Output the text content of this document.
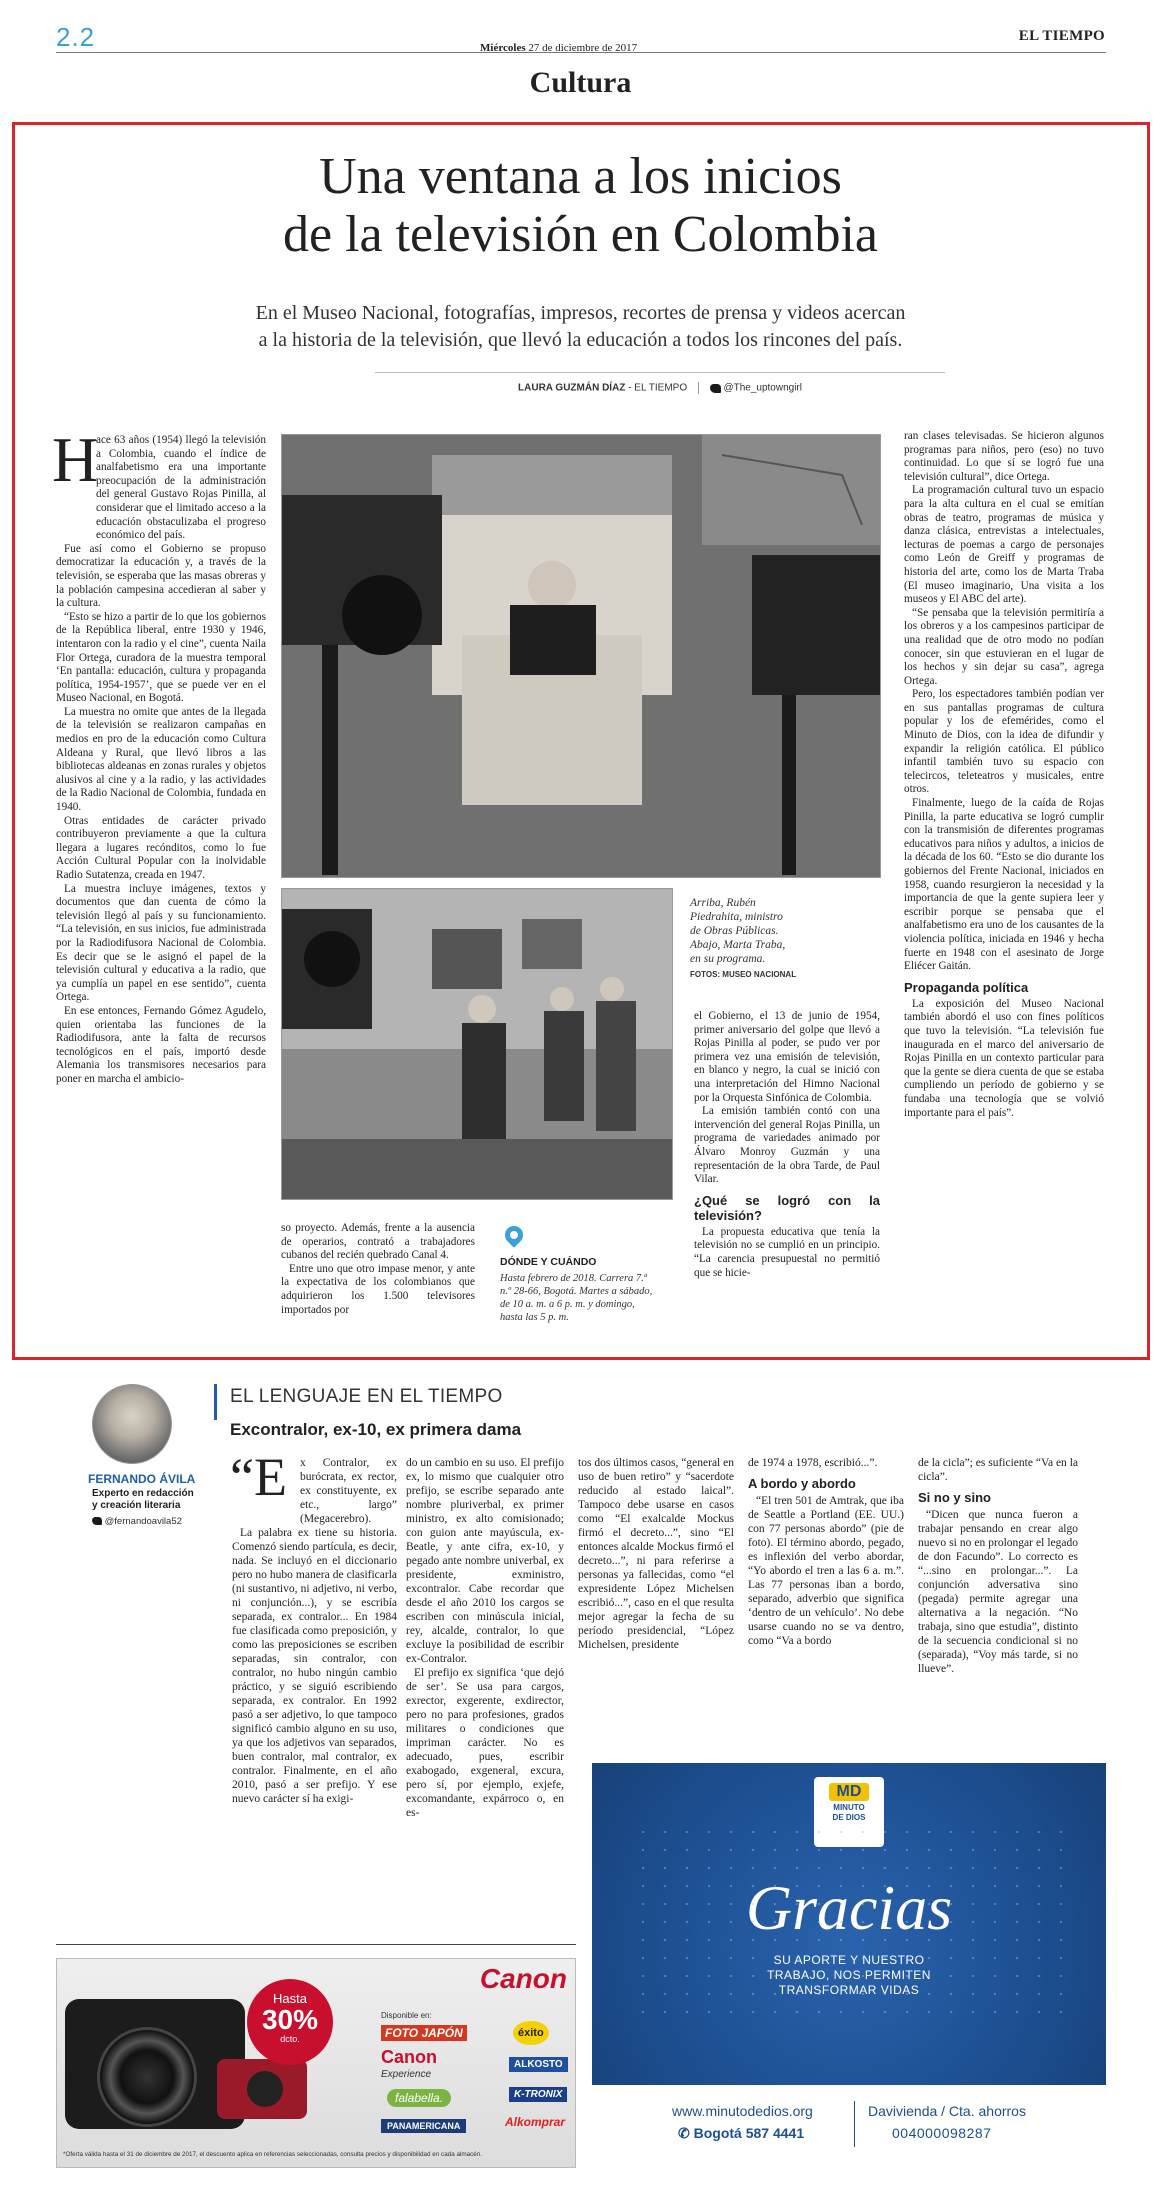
2.2	Miércoles 27 de diciembre de 2017
EL TIEMPO
Cultura
Una ventana a los inicios
de la televisión en Colombia
En el Museo Nacional, fotografías, impresos, recortes de prensa y videos acercan
a la historia de la televisión, que llevó la educación a todos los rincones del país.
LAURA GUZMÁN DÍAZ - EL TIEMPO	@The_uptowngirl
H

ace 63 años (1954) llegó la televisión a Colombia, cuando el índice de analfabetismo era una importante preocupación de la administración del general Gustavo Rojas Pinilla, al considerar que el limitado acceso a la educación obstaculizaba el progreso económico del país.

Fue así como el Gobierno se propuso democratizar la educación y, a través de la televisión, se esperaba que las masas obreras y la población campesina accedieran al saber y la cultura.

“Esto se hizo a partir de lo que los gobiernos de la República liberal, entre 1930 y 1946, intentaron con la radio y el cine”, cuenta Naila Flor Ortega, curadora de la muestra temporal ‘En pantalla: educación, cultura y propaganda política, 1954-1957’, que se puede ver en el Museo Nacional, en Bogotá.

La muestra no omite que antes de la llegada de la televisión se realizaron campañas en medios en pro de la educación como Cultura Aldeana y Rural, que llevó libros a las bibliotecas aldeanas en zonas rurales y objetos alusivos al cine y a la radio, y las actividades de la Radio Nacional de Colombia, fundada en 1940.

Otras entidades de carácter privado contribuyeron previamente a que la cultura llegara a lugares recónditos, como lo fue Acción Cultural Popular con la inolvidable Radio Sutatenza, creada en 1947.

La muestra incluye imágenes, textos y documentos que dan cuenta de cómo la televisión llegó al país y su funcionamiento. “La televisión, en sus inicios, fue administrada por la Radiodifusora Nacional de Colombia. Es decir que se le asignó el papel de la televisión cultural y educativa a la radio, que ya cumplía un papel en ese sentido”, cuenta Ortega.

En ese entonces, Fernando Gómez Agudelo, quien orientaba las funciones de la Radiodifusora, ante la falta de recursos tecnológicos en el país, importó desde Alemania los transmisores necesarios para poner en marcha el ambicio-

Arriba, Rubén
Piedrahita, ministro
de Obras Públicas.
Abajo, Marta Traba,
en su programa.
FOTOS: MUSEO NACIONAL

so proyecto. Además, frente a la ausencia de operarios, contrató a trabajadores cubanos del recién quebrado Canal 4.

Entre uno que otro impase menor, y ante la expectativa de los colombianos que adquirieron los 1.500 televisores importados por

DÓNDE Y CUÁNDO
Hasta febrero de 2018. Carrera 7.ª n.º 28-66, Bogotá. Martes a sábado, de 10 a. m. a 6 p. m. y domingo, hasta las 5 p. m.

el Gobierno, el 13 de junio de 1954, primer aniversario del golpe que llevó a Rojas Pinilla al poder, se pudo ver por primera vez una emisión de televisión, en blanco y negro, la cual se inició con una interpretación del Himno Nacional por la Orquesta Sinfónica de Colombia.

La emisión también contó con una intervención del general Rojas Pinilla, un programa de variedades animado por Álvaro Monroy Guzmán y una representación de la obra Tarde, de Paul Vilar.

¿Qué se logró con la televisión?

La propuesta educativa que tenía la televisión no se cumplió en un principio. “La carencia presupuestal no permitió que se hicie-

ran clases televisadas. Se hicieron algunos programas para niños, pero (eso) no tuvo continuidad. Lo que sí se logró fue una televisión cultural”, dice Ortega.

La programación cultural tuvo un espacio para la alta cultura en el cual se emitían obras de teatro, programas de música y danza clásica, entrevistas a intelectuales, lecturas de poemas a cargo de personajes como León de Greiff y programas de historia del arte, como los de Marta Traba (El museo imaginario, Una visita a los museos y El ABC del arte).

“Se pensaba que la televisión permitiría a los obreros y a los campesinos participar de una realidad que de otro modo no podían conocer, sin que estuvieran en el lugar de los hechos y sin dejar su casa”, agrega Ortega.

Pero, los espectadores también podían ver en sus pantallas programas de cultura popular y los de efemérides, como el Minuto de Dios, con la idea de difundir y expandir la religión católica. El público infantil también tuvo su espacio con telecircos, teleteatros y musicales, entre otros.

Finalmente, luego de la caída de Rojas Pinilla, la parte educativa se logró cumplir con la transmisión de diferentes programas educativos para niños y adultos, a inicios de la década de los 60. “Esto se dio durante los gobiernos del Frente Nacional, iniciados en 1958, cuando resurgieron la necesidad y la importancia de que la gente supiera leer y escribir porque se pensaba que el analfabetismo era uno de los causantes de la violencia política, iniciada en 1946 y hecha fuerte en 1948 con el asesinato de Jorge Eliécer Gaitán.

Propaganda política

La exposición del Museo Nacional también abordó el uso con fines políticos que tuvo la televisión. “La televisión fue inaugurada en el marco del aniversario de Rojas Pinilla en un contexto particular para que la gente se diera cuenta de que se estaba cumpliendo un período de gobierno y se fundaba una tecnología que se volvió importante para el país”.

FERNANDO ÁVILA
Experto en redacción
y creación literaria
@fernandoavila52
EL LENGUAJE EN EL TIEMPO
Excontralor, ex-10, ex primera dama
“E	x Contralor, ex burócrata, ex rector, ex constituyente, ex etc., largo” (Megacerebro).

La palabra ex tiene su historia. Comenzó siendo partícula, es decir, nada. Se incluyó en el diccionario pero no hubo manera de clasificarla (ni sustantivo, ni adjetivo, ni verbo, ni conjunción...), y se escribía separada, ex contralor... En 1984 fue clasificada como preposición, y como las preposiciones se escriben separadas, sin contralor, con contralor, no hubo ningún cambio práctico, y se siguió escribiendo separada, ex contralor. En 1992 pasó a ser adjetivo, lo que tampoco significó cambio alguno en su uso, ya que los adjetivos van separados, buen contralor, mal contralor, ex contralor. Finalmente, en el año 2010, pasó a ser prefijo. Y ese nuevo carácter sí ha exigi-

do un cambio en su uso. El prefijo ex, lo mismo que cualquier otro prefijo, se escribe separado ante nombre pluriverbal, ex primer ministro, ex alto comisionado; con guion ante mayúscula, ex-Beatle, y ante cifra, ex-10, y pegado ante nombre univerbal, ex presidente, exministro, excontralor. Cabe recordar que desde el año 2010 los cargos se escriben con minúscula inicial, rey, alcalde, contralor, lo que excluye la posibilidad de escribir ex-Contralor.

El prefijo ex significa ‘que dejó de ser’. Se usa para cargos, exrector, exgerente, exdirector, pero no para profesiones, grados militares o condiciones que impriman carácter. No es adecuado, pues, escribir exabogado, exgeneral, excura, pero sí, por ejemplo, exjefe, excomandante, expárroco o, en es-

tos dos últimos casos, “general en uso de buen retiro” y “sacerdote reducido al estado laical”. Tampoco debe usarse en casos como “El exalcalde Mockus firmó el decreto...”, sino “El entonces alcalde Mockus firmó el decreto...”, ni para referirse a personas ya fallecidas, como “el expresidente López Michelsen escribió...”, caso en el que resulta mejor agregar la fecha de su período presidencial, “López Michelsen, presidente

de 1974 a 1978, escribió...”.

A bordo y abordo

“El tren 501 de Amtrak, que iba de Seattle a Portland (EE. UU.) con 77 personas abordo” (pie de foto). El término abordo, pegado, es inflexión del verbo abordar, “Yo abordo el tren a las 6 a. m.”. Las 77 personas iban a bordo, separado, adverbio que significa ‘dentro de un vehículo’. No debe usarse cuando no se va dentro, como “Va a bordo

de la cicla”; es suficiente “Va en la cicla”.

Si no y sino

“Dicen que nunca fueron a trabajar pensando en crear algo nuevo si no en prolongar el legado de don Facundo”. Lo correcto es “...sino en prolongar...”. La conjunción adversativa sino (pegada) permite agregar una alternativa a la negación. “No trabaja, sino que estudia”, distinto de la secuencia condicional si no (separada), “Voy más tarde, si no llueve”.

Canon
Hasta
30%
dcto.
Disponible en:
FOTO JAPÓN	éxito
Canon
Experience
ALKOSTO
falabella.	K-TRONIX
PANAMERICANA	Alkomprar
*Oferta válida hasta el 31 de diciembre de 2017, el descuento aplica en referencias seleccionadas, consulta precios y disponibilidad en cada almacén.
MD
MINUTO
DE DIOS
Gracias
SU APORTE Y NUESTRO
TRABAJO, NOS PERMITEN
TRANSFORMAR VIDAS
www.minutodedios.org
✆ Bogotá 587 4441
Davivienda / Cta. ahorros
004000098287
